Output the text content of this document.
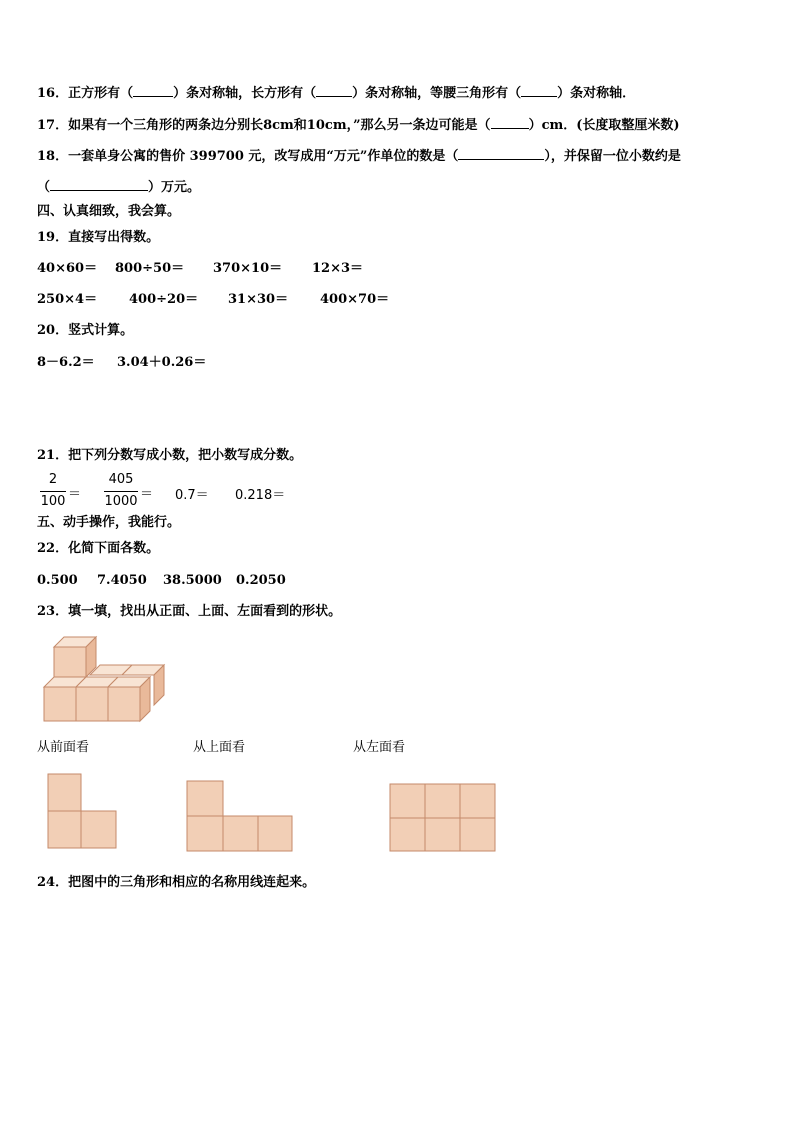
16．正方形有（	）条对称轴，长方形有（	）条对称轴，等腰三角形有（	）条对称轴．
17．如果有一个三角形的两条边分别长8cm和10cm，”那么另一条边可能是（	）cm．(长度取整厘米数)
18．一套单身公寓的售价 399700 元，改写成用“万元”作单位的数是（	），并保留一位小数约是
（	）万元。
四、认真细致，我会算。
19．直接写出得数。
40×60＝ 800÷50＝ 370×10＝ 12×3＝
250×4＝ 400÷20＝ 31×30＝ 400×70＝
20．竖式计算。
8－6.2＝ 3.04＋0.26＝
21．把下列分数写成小数，把小数写成分数。
2
100 ＝
405
1000 ＝ 0.7＝ 0.218＝
五、动手操作，我能行。
22．化简下面各数。
0.500 7.4050 38.5000 0.2050
23．填一填，找出从正面、上面、左面看到的形状。
从前面看	从上面看	从左面看
24．把图中的三角形和相应的名称用线连起来。
